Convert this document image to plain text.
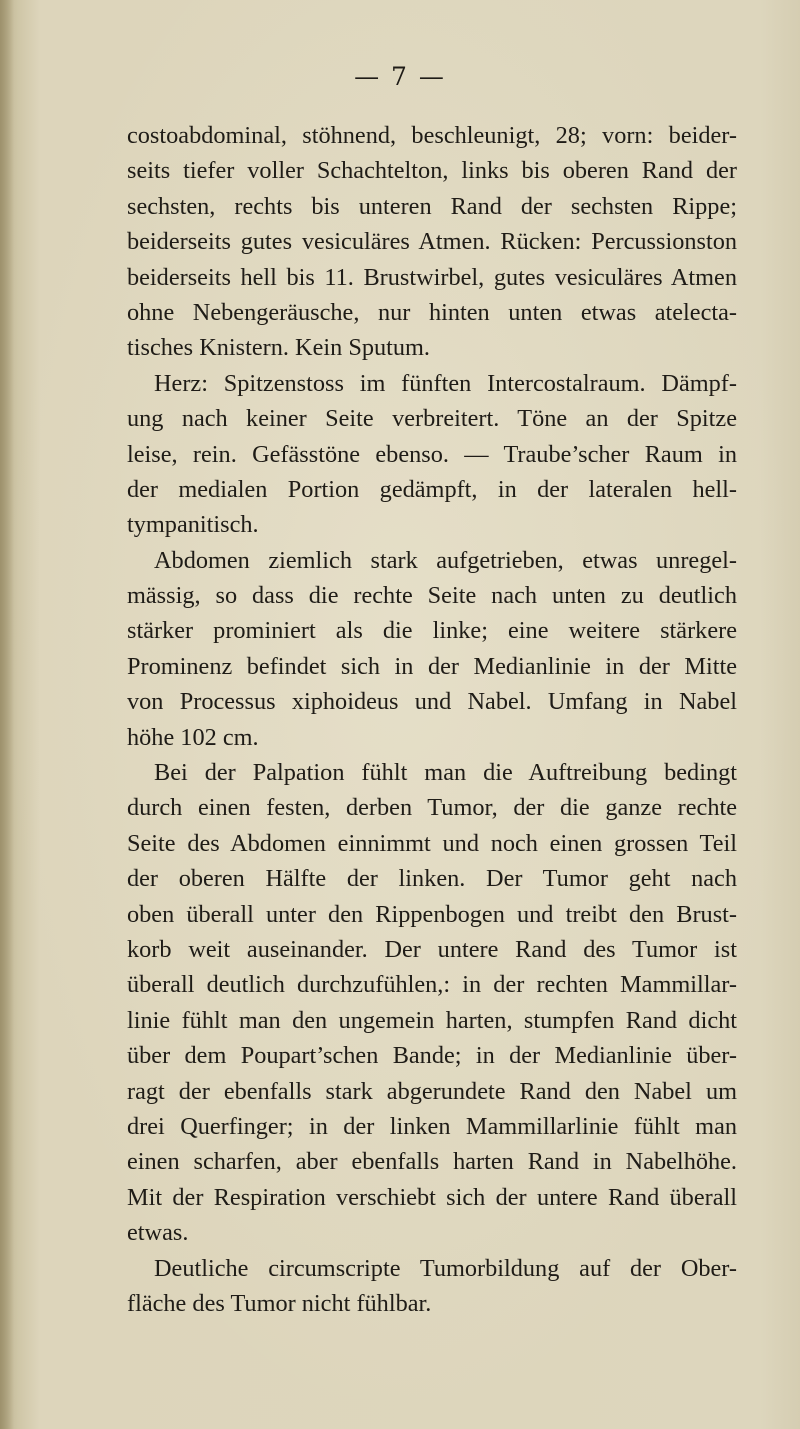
— 7 —
costoabdominal, stöhnend, beschleunigt, 28; vorn: beider-
seits tiefer voller Schachtelton, links bis oberen Rand der
sechsten, rechts bis unteren Rand der sechsten Rippe;
beiderseits gutes vesiculäres Atmen. Rücken: Percussionston
beiderseits hell bis 11. Brustwirbel, gutes vesiculäres Atmen
ohne Nebengeräusche, nur hinten unten etwas atelecta-
tisches Knistern. Kein Sputum.
Herz: Spitzenstoss im fünften Intercostalraum. Dämpf-
ung nach keiner Seite verbreitert. Töne an der Spitze
leise, rein. Gefässtöne ebenso. — Traube’scher Raum in
der medialen Portion gedämpft, in der lateralen hell-
tympanitisch.
Abdomen ziemlich stark aufgetrieben, etwas unregel-
mässig, so dass die rechte Seite nach unten zu deutlich
stärker prominiert als die linke; eine weitere stärkere
Prominenz befindet sich in der Medianlinie in der Mitte
von Processus xiphoideus und Nabel. Umfang in Nabel
höhe 102 cm.
Bei der Palpation fühlt man die Auftreibung bedingt
durch einen festen, derben Tumor, der die ganze rechte
Seite des Abdomen einnimmt und noch einen grossen Teil
der oberen Hälfte der linken. Der Tumor geht nach
oben überall unter den Rippenbogen und treibt den Brust-
korb weit auseinander. Der untere Rand des Tumor ist
überall deutlich durchzufühlen,: in der rechten Mammillar-
linie fühlt man den ungemein harten, stumpfen Rand dicht
über dem Poupart’schen Bande; in der Medianlinie über-
ragt der ebenfalls stark abgerundete Rand den Nabel um
drei Querfinger; in der linken Mammillarlinie fühlt man
einen scharfen, aber ebenfalls harten Rand in Nabelhöhe.
Mit der Respiration verschiebt sich der untere Rand überall
etwas.
Deutliche circumscripte Tumorbildung auf der Ober-
fläche des Tumor nicht fühlbar.
